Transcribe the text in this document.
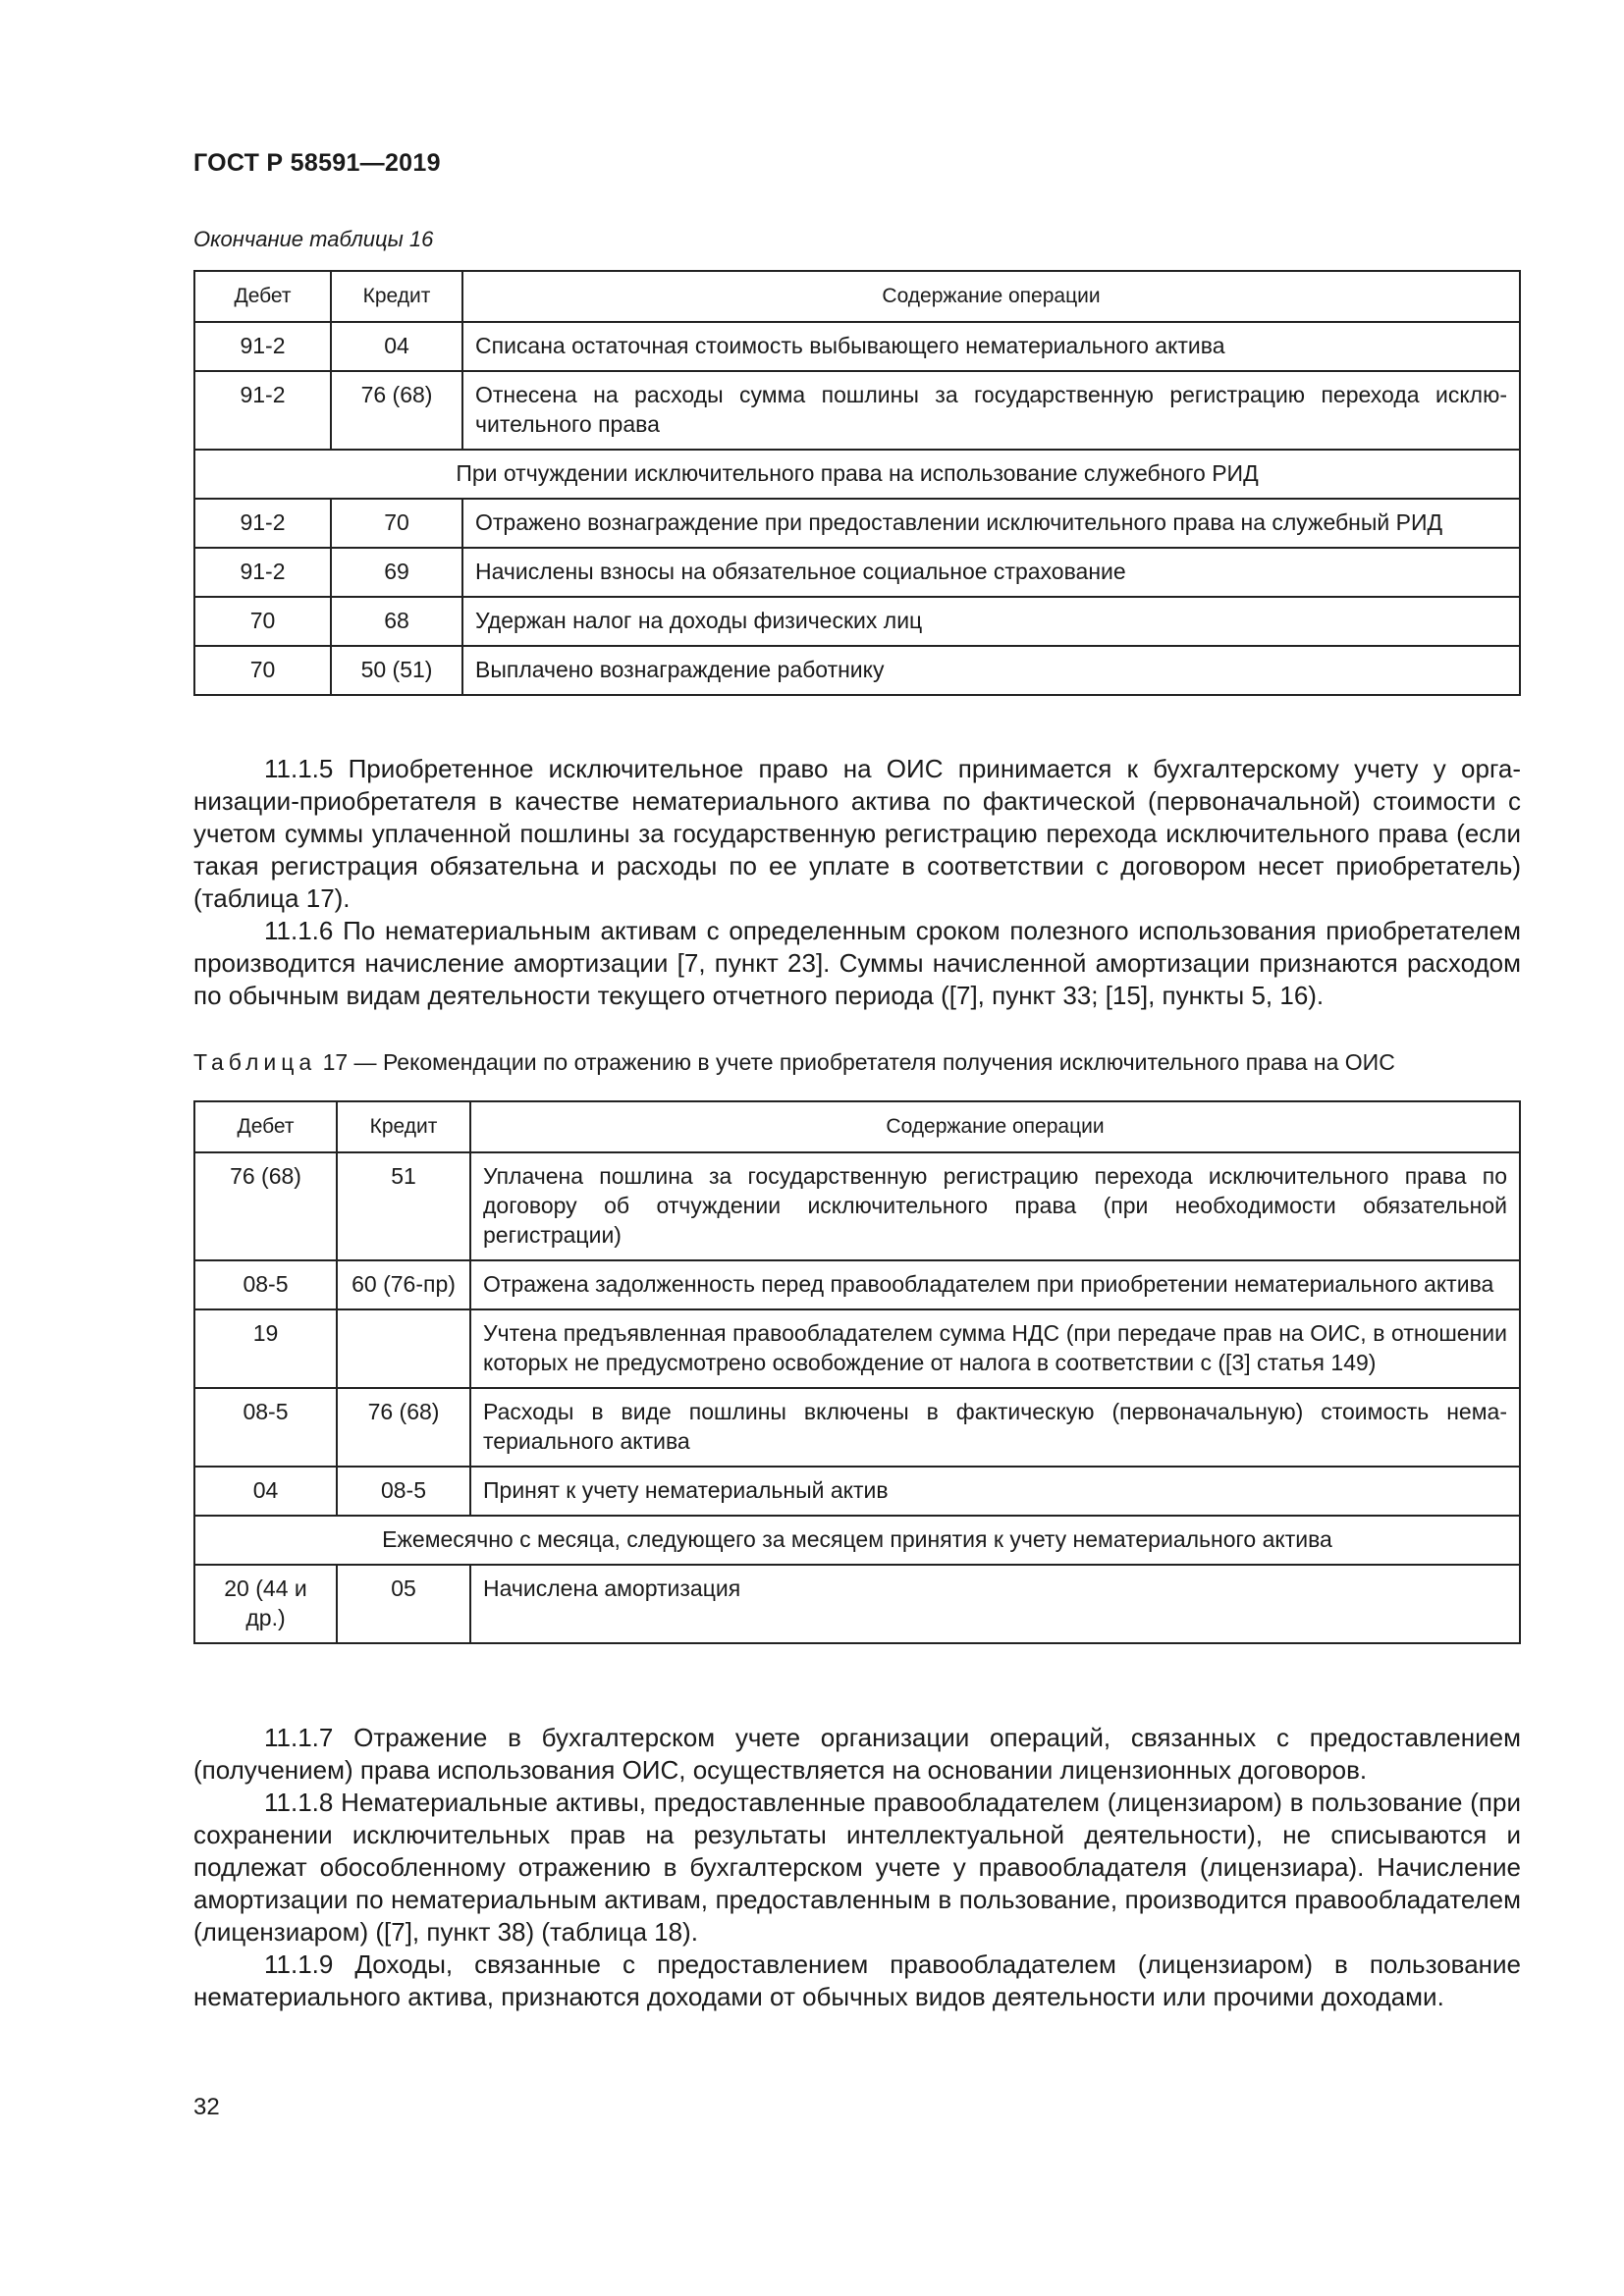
ГОСТ Р 58591—2019
Окончание таблицы 16
Дебет	Кредит	Содержание операции
91-2	04	Списана остаточная стоимость выбывающего нематериального актива
91-2	76 (68)	Отнесена на расходы сумма пошлины за государственную регистрацию перехода исключительного права
При отчуждении исключительного права на использование служебного РИД		
91-2	70	Отражено вознаграждение при предоставлении исключительного права на служебный РИД
91-2	69	Начислены взносы на обязательное социальное страхование
70	68	Удержан налог на доходы физических лиц
70	50 (51)	Выплачено вознаграждение работнику

11.1.5 Приобретенное исключительное право на ОИС принимается к бухгалтерскому учету у организации-приобретателя в качестве нематериального актива по фактической (первоначальной) стоимости с учетом суммы уплаченной пошлины за государственную регистрацию перехода исключительного права (если такая регистрация обязательна и расходы по ее уплате в соответствии с договором несет приобретатель) (таблица 17).

11.1.6 По нематериальным активам с определенным сроком полезного использования приобретателем производится начисление амортизации [7, пункт 23]. Суммы начисленной амортизации признаются расходом по обычным видам деятельности текущего отчетного периода ([7], пункт 33; [15], пункты 5, 16).

Таблица 17 — Рекомендации по отражению в учете приобретателя получения исключительного права на ОИС
Дебет	Кредит	Содержание операции
76 (68)	51	Уплачена пошлина за государственную регистрацию перехода исключительного права по договору об отчуждении исключительного права (при необходимости обязательной регистрации)
08-5	60 (76-пр)	Отражена задолженность перед правообладателем при приобретении нематериального актива
19		Учтена предъявленная правообладателем сумма НДС (при передаче прав на ОИС, в отношении которых не предусмотрено освобождение от налога в соответствии с ([3] статья 149)
08-5	76 (68)	Расходы в виде пошлины включены в фактическую (первоначальную) стоимость нематериального актива
04	08-5	Принят к учету нематериальный актив
Ежемесячно с месяца, следующего за месяцем принятия к учету нематериального актива		
20 (44 и др.)	05	Начислена амортизация

11.1.7 Отражение в бухгалтерском учете организации операций, связанных с предоставлением (получением) права использования ОИС, осуществляется на основании лицензионных договоров.

11.1.8 Нематериальные активы, предоставленные правообладателем (лицензиаром) в пользование (при сохранении исключительных прав на результаты интеллектуальной деятельности), не списываются и подлежат обособленному отражению в бухгалтерском учете у правообладателя (лицензиара). Начисление амортизации по нематериальным активам, предоставленным в пользование, производится правообладателем (лицензиаром) ([7], пункт 38) (таблица 18).

11.1.9 Доходы, связанные с предоставлением правообладателем (лицензиаром) в пользование нематериального актива, признаются доходами от обычных видов деятельности или прочими доходами.

32
